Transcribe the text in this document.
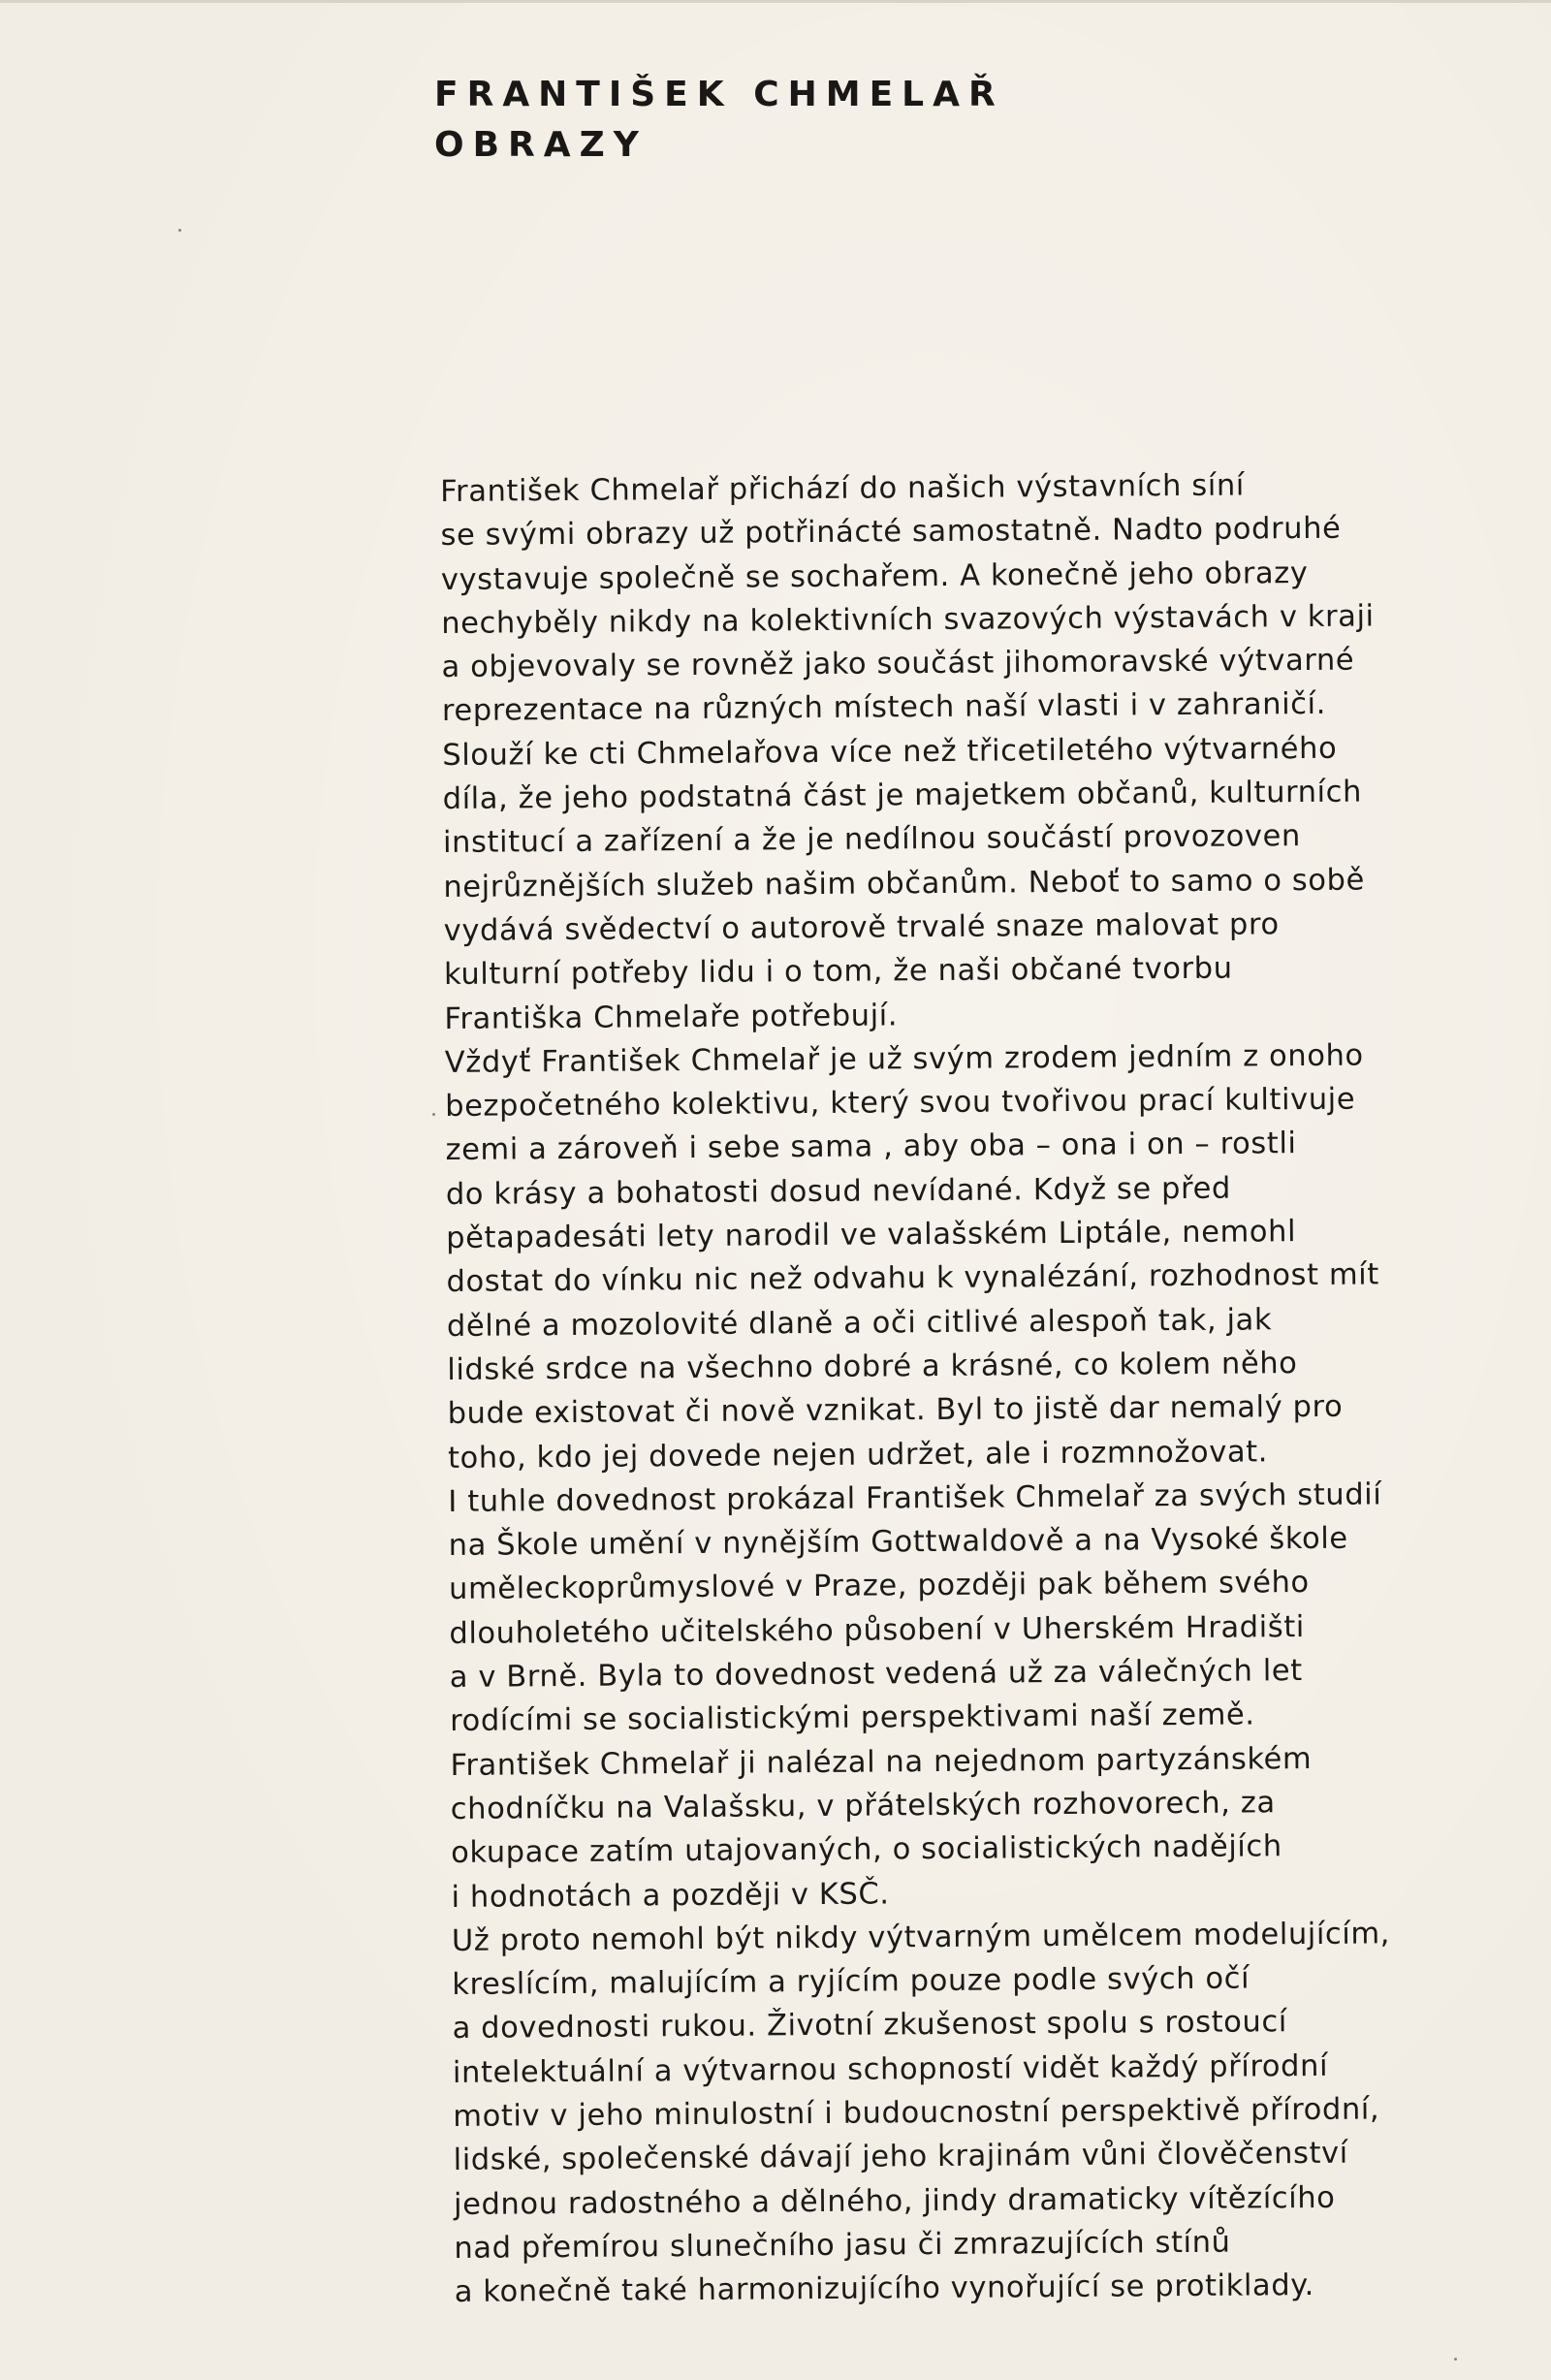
FRANTIŠEK CHMELAŘ
OBRAZY
František Chmelař přichází do našich výstavních síní
se svými obrazy už potřinácté samostatně. Nadto podruhé
vystavuje společně se sochařem. A konečně jeho obrazy
nechyběly nikdy na kolektivních svazových výstavách v kraji
a objevovaly se rovněž jako součást jihomoravské výtvarné
reprezentace na různých místech naší vlasti i v zahraničí.
Slouží ke cti Chmelařova více než třicetiletého výtvarného
díla, že jeho podstatná část je majetkem občanů, kulturních
institucí a zařízení a že je nedílnou součástí provozoven
nejrůznějších služeb našim občanům. Neboť to samo o sobě
vydává svědectví o autorově trvalé snaze malovat pro
kulturní potřeby lidu i o tom, že naši občané tvorbu
Františka Chmelaře potřebují.
Vždyť František Chmelař je už svým zrodem jedním z onoho
bezpočetného kolektivu, který svou tvořivou prací kultivuje
zemi a zároveň i sebe sama , aby oba – ona i on – rostli
do krásy a bohatosti dosud nevídané. Když se před
pětapadesáti lety narodil ve valašském Liptále, nemohl
dostat do vínku nic než odvahu k vynalézání, rozhodnost mít
dělné a mozolovité dlaně a oči citlivé alespoň tak, jak
lidské srdce na všechno dobré a krásné, co kolem něho
bude existovat či nově vznikat. Byl to jistě dar nemalý pro
toho, kdo jej dovede nejen udržet, ale i rozmnožovat.
I tuhle dovednost prokázal František Chmelař za svých studií
na Škole umění v nynějším Gottwaldově a na Vysoké škole
uměleckoprůmyslové v Praze, později pak během svého
dlouholetého učitelského působení v Uherském Hradišti
a v Brně. Byla to dovednost vedená už za válečných let
rodícími se socialistickými perspektivami naší země.
František Chmelař ji nalézal na nejednom partyzánském
chodníčku na Valašsku, v přátelských rozhovorech, za
okupace zatím utajovaných, o socialistických nadějích
i hodnotách a později v KSČ.
Už proto nemohl být nikdy výtvarným umělcem modelujícím,
kreslícím, malujícím a ryjícím pouze podle svých očí
a dovednosti rukou. Životní zkušenost spolu s rostoucí
intelektuální a výtvarnou schopností vidět každý přírodní
motiv v jeho minulostní i budoucnostní perspektivě přírodní,
lidské, společenské dávají jeho krajinám vůni člověčenství
jednou radostného a dělného, jindy dramaticky vítězícího
nad přemírou slunečního jasu či zmrazujících stínů
a konečně také harmonizujícího vynořující se protiklady.
